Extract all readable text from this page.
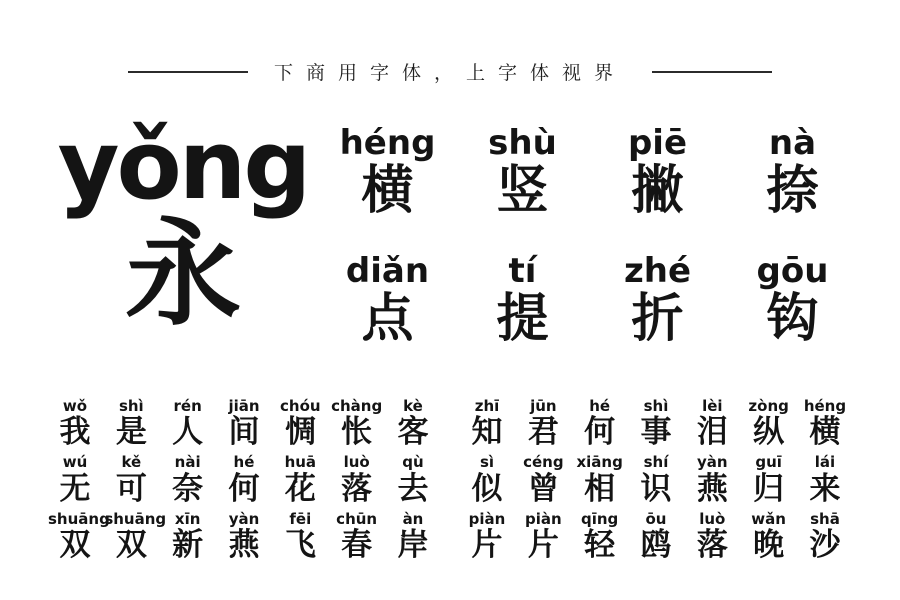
下商用字体，上字体视界
yǒng
永
héng
横
shù
竖
piē
撇
nà
捺
diǎn
点
tí
提
zhé
折
gōu
钩
wǒ
我
shì
是
rén
人
jiān
间
chóu
惆
chàng
怅
kè
客
zhī
知
jūn
君
hé
何
shì
事
lèi
泪
zòng
纵
héng
横
wú
无
kě
可
nài
奈
hé
何
huā
花
luò
落
qù
去
sì
似
céng
曾
xiāng
相
shí
识
yàn
燕
guī
归
lái
来
shuāng
双
shuāng
双
xīn
新
yàn
燕
fēi
飞
chūn
春
àn
岸
piàn
片
piàn
片
qīng
轻
ōu
鸥
luò
落
wǎn
晚
shā
沙
